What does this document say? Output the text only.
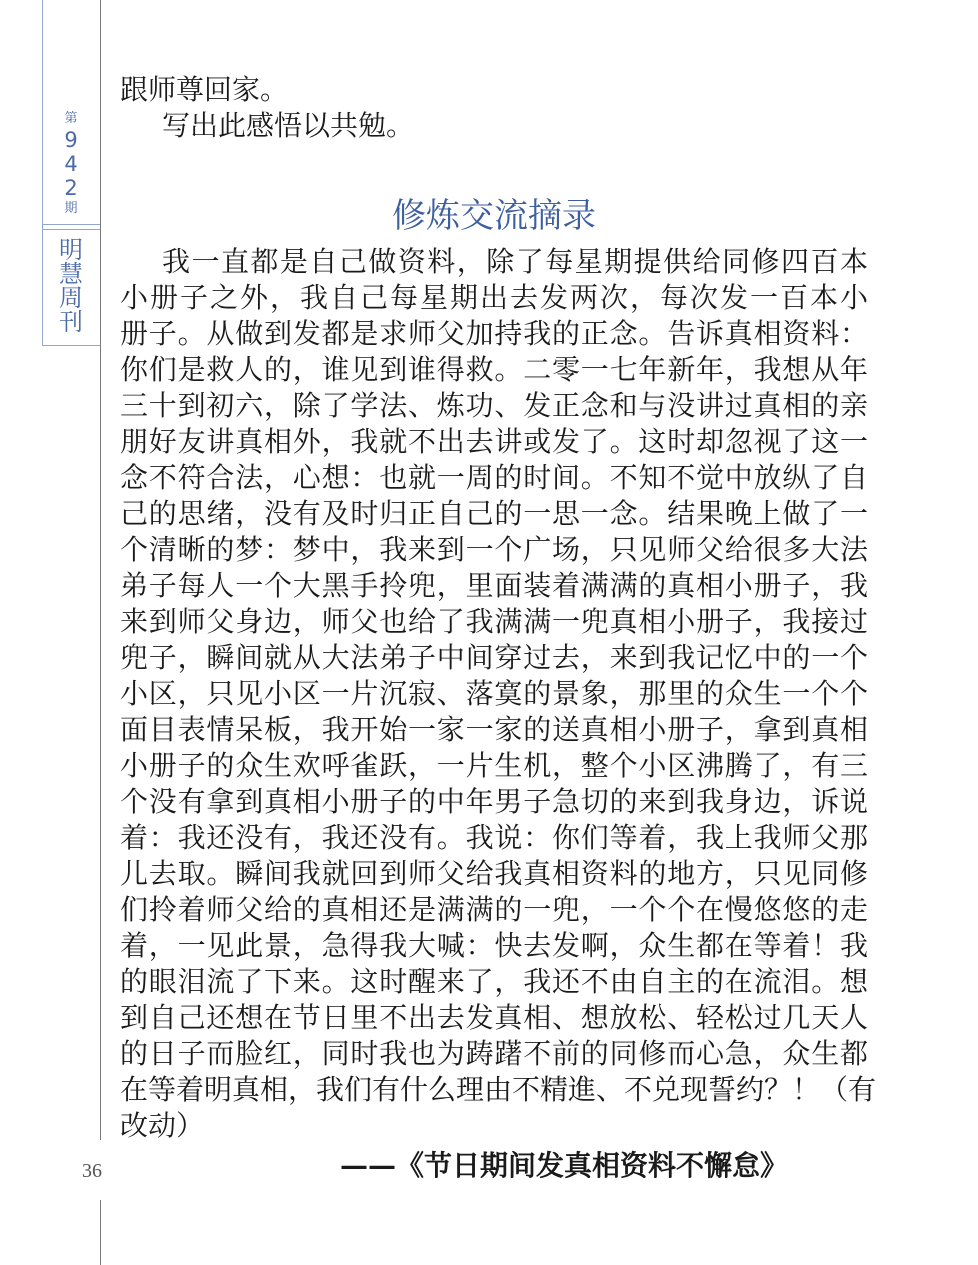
第
9
4
2
期
明
慧
周
刊
36
跟师尊回家。
写出此感悟以共勉。
修炼交流摘录
我一直都是自己做资料，除了每星期提供给同修四百本
小册子之外，我自己每星期出去发两次，每次发一百本小
册子。从做到发都是求师父加持我的正念。告诉真相资料：
你们是救人的，谁见到谁得救。二零一七年新年，我想从年
三十到初六，除了学法、炼功、发正念和与没讲过真相的亲
朋好友讲真相外，我就不出去讲或发了。这时却忽视了这一
念不符合法，心想：也就一周的时间。不知不觉中放纵了自
己的思绪，没有及时归正自己的一思一念。结果晚上做了一
个清晰的梦：梦中，我来到一个广场，只见师父给很多大法
弟子每人一个大黑手拎兜，里面装着满满的真相小册子，我
来到师父身边，师父也给了我满满一兜真相小册子，我接过
兜子，瞬间就从大法弟子中间穿过去，来到我记忆中的一个
小区，只见小区一片沉寂、落寞的景象，那里的众生一个个
面目表情呆板，我开始一家一家的送真相小册子，拿到真相
小册子的众生欢呼雀跃，一片生机，整个小区沸腾了，有三
个没有拿到真相小册子的中年男子急切的来到我身边，诉说
着：我还没有，我还没有。我说：你们等着，我上我师父那
儿去取。瞬间我就回到师父给我真相资料的地方，只见同修
们拎着师父给的真相还是满满的一兜，一个个在慢悠悠的走
着，一见此景，急得我大喊：快去发啊，众生都在等着！我
的眼泪流了下来。这时醒来了，我还不由自主的在流泪。想
到自己还想在节日里不出去发真相、想放松、轻松过几天人
的日子而脸红，同时我也为踌躇不前的同修而心急，众生都
在等着明真相，我们有什么理由不精進、不兑现誓约？！（有
改动）
——《节日期间发真相资料不懈怠》
